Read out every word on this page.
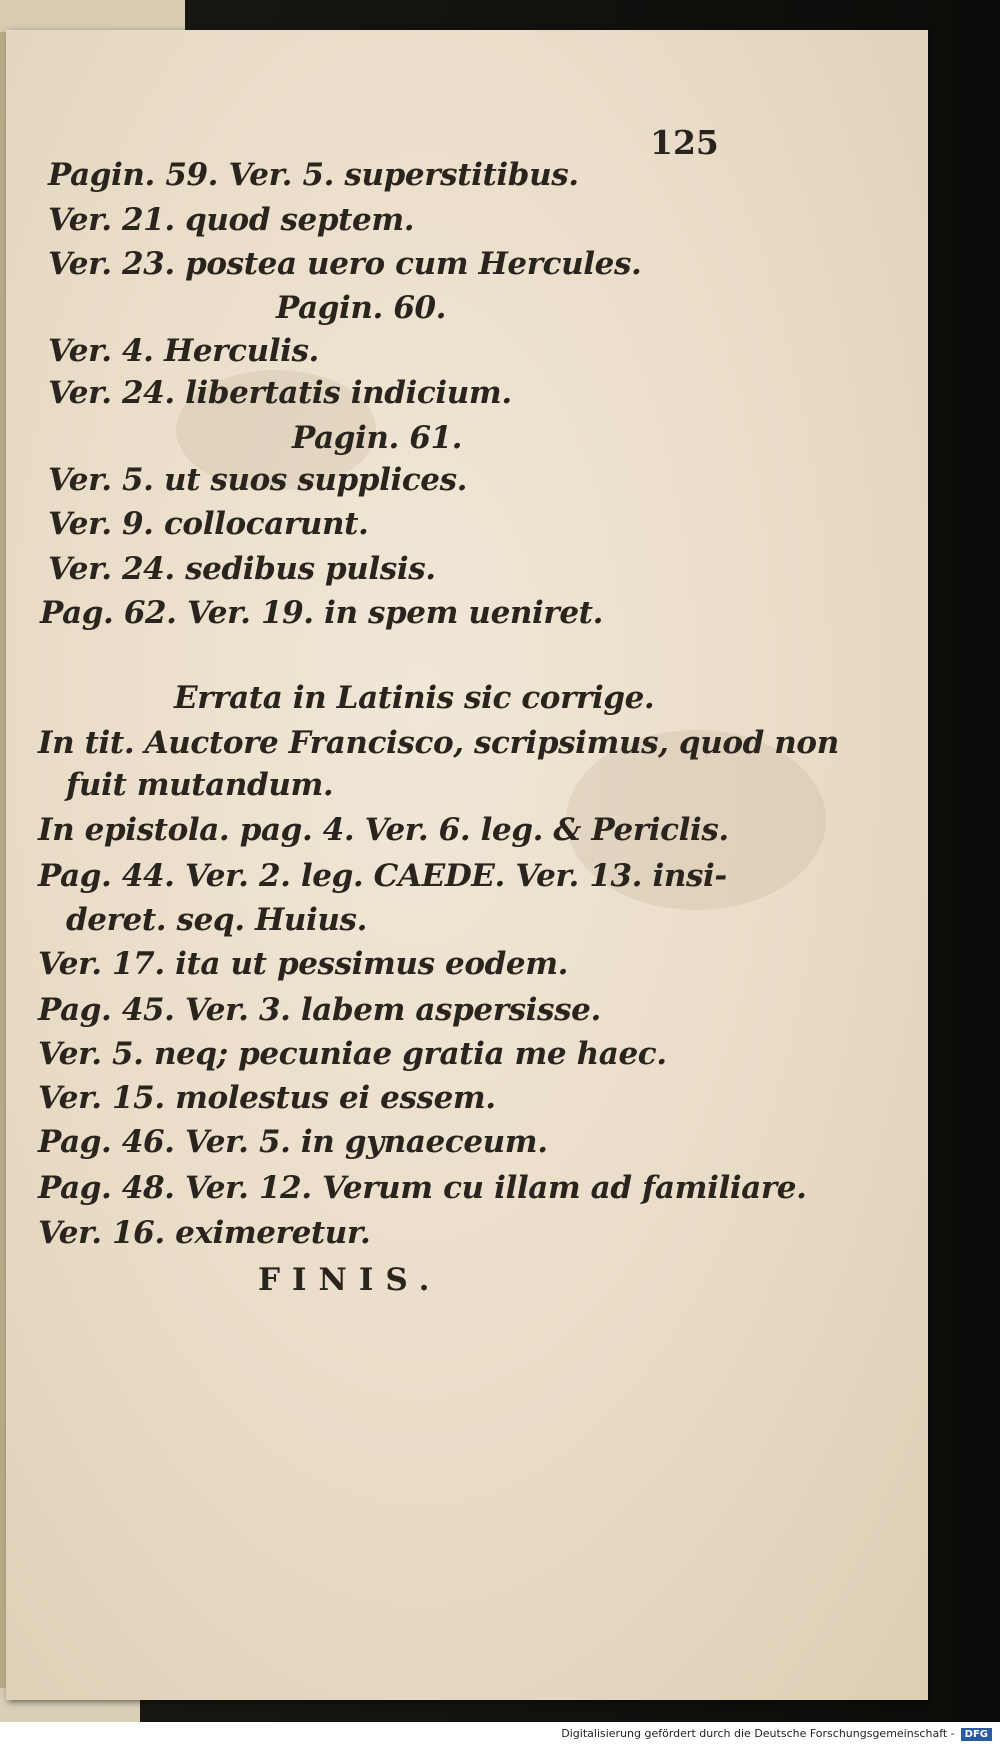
125
Pagin. 59. Ver. 5. superstitibus.
Ver. 21. quod septem.
Ver. 23. postea uero cum Hercules.
Pagin. 60.
Ver. 4. Herculis.
Ver. 24. libertatis indicium.
Pagin. 61.
Ver. 5. ut suos supplices.
Ver. 9. collocarunt.
Ver. 24. sedibus pulsis.
Pag. 62. Ver. 19. in spem ueniret.
Errata in Latinis sic corrige.
In tit. Auctore Francisco, scripsimus, quod non
fuit mutandum.
In epistola. pag. 4. Ver. 6. leg. & Periclis.
Pag. 44. Ver. 2. leg. CAEDE. Ver. 13. insi-
deret. seq. Huius.
Ver. 17. ita ut pessimus eodem.
Pag. 45. Ver. 3. labem aspersisse.
Ver. 5. neq; pecuniae gratia me haec.
Ver. 15. molestus ei essem.
Pag. 46. Ver. 5. in gynaeceum.
Pag. 48. Ver. 12. Verum cu illam ad familiare.
Ver. 16. eximeretur.
FINIS.
Digitalisierung gefördert durch die Deutsche Forschungsgemeinschaft - DFG
